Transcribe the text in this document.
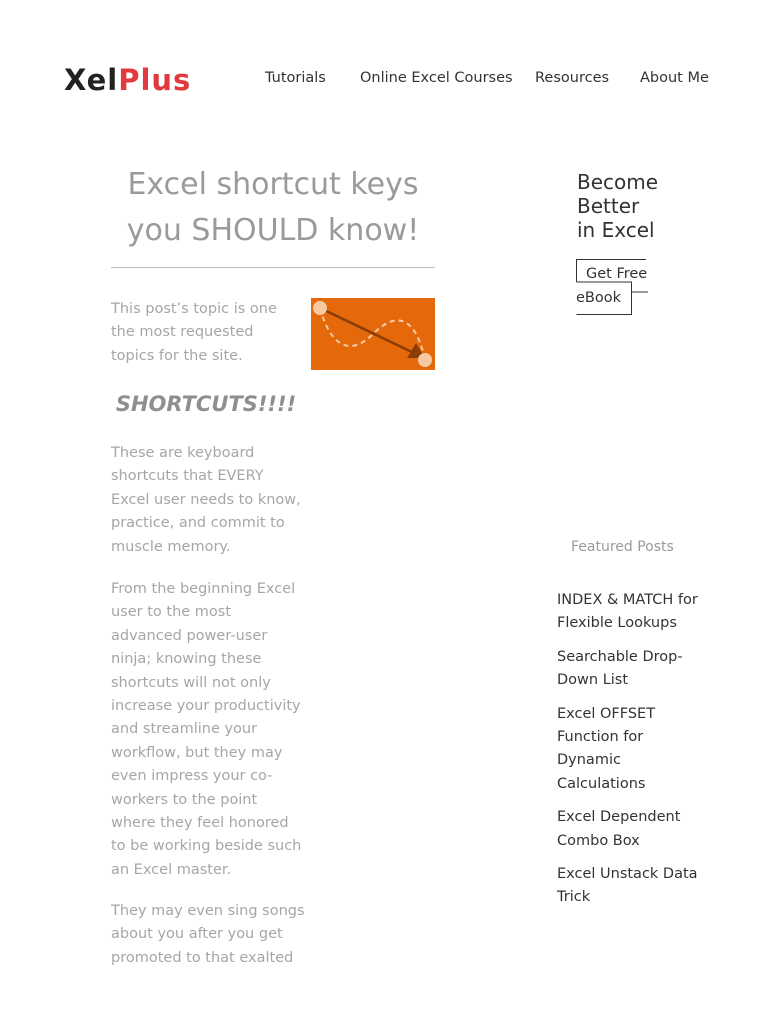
XelPlus	Tutorials Online Excel Courses Resources About Me
Excel shortcut keys you SHOULD know!

This post’s topic is one the most requested topics for the site.

SHORTCUTS!!!!

These are keyboard shortcuts that EVERY Excel user needs to know, practice, and commit to muscle memory.

From the beginning Excel user to the most advanced power-user ninja; knowing these shortcuts will not only increase your productivity and streamline your workflow, but they may even impress your co-workers to the point where they feel honored to be working beside such an Excel master.

They may even sing songs about you after you get promoted to that exalted

Become
Better
in Excel
Get Free
eBook
Featured Posts
INDEX & MATCH for Flexible Lookups
Searchable Drop-Down List
Excel OFFSET Function for Dynamic Calculations
Excel Dependent Combo Box
Excel Unstack Data Trick
